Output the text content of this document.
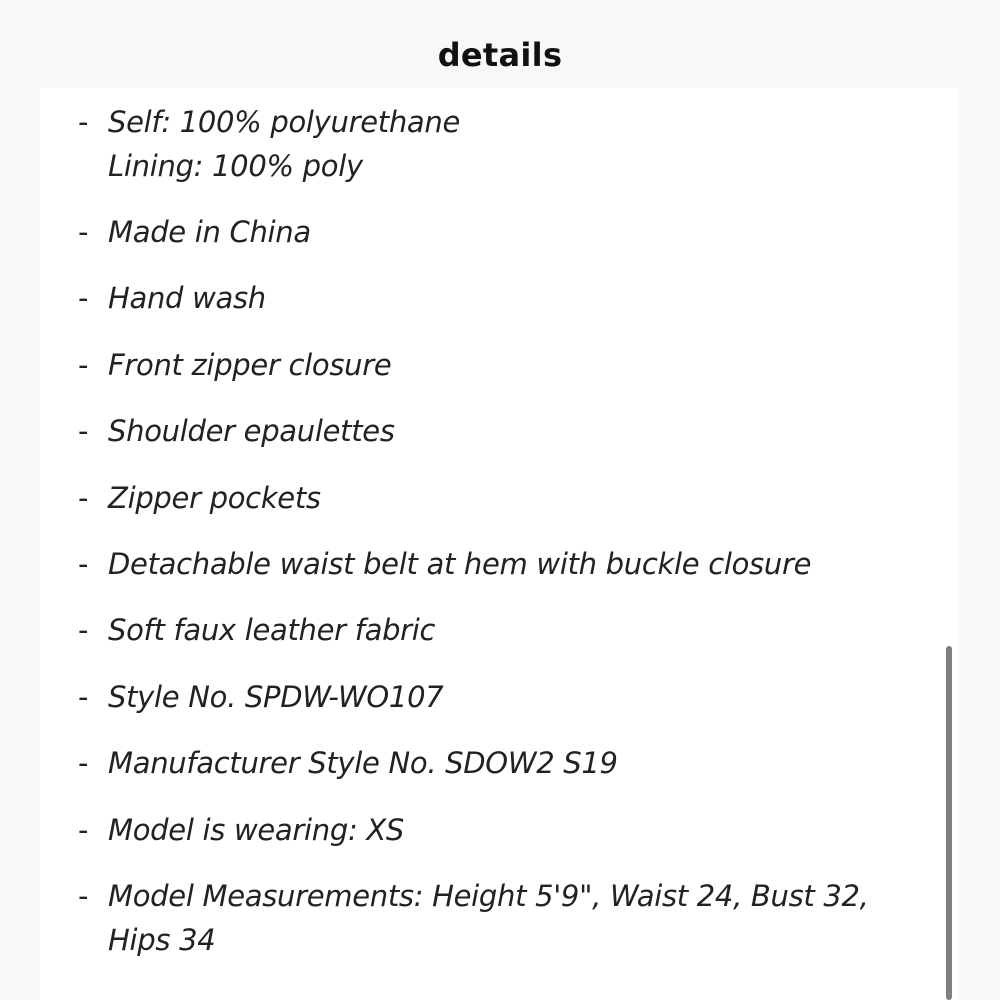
details
- Self: 100% polyurethane
Lining: 100% poly
- Made in China
- Hand wash
- Front zipper closure
- Shoulder epaulettes
- Zipper pockets
- Detachable waist belt at hem with buckle closure
- Soft faux leather fabric
- Style No. SPDW-WO107
- Manufacturer Style No. SDOW2 S19
- Model is wearing: XS
- Model Measurements: Height 5'9", Waist 24, Bust 32,
Hips 34
